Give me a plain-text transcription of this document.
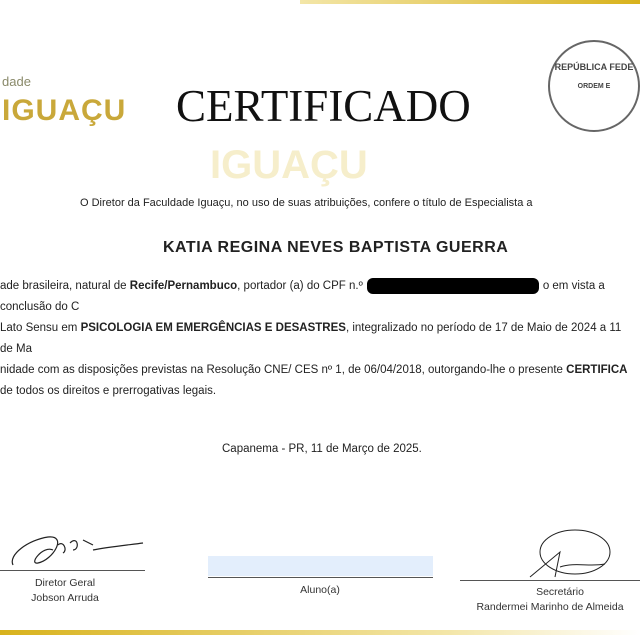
dade
IGUAÇU CERTIFICADO
REPÚBLICA FEDE
ORDEM E
IGUAÇU
O Diretor da Faculdade Iguaçu, no uso de suas atribuições, confere o título de Especialista a
KATIA REGINA NEVES BAPTISTA GUERRA
ade brasileira, natural de Recife/Pernambuco, portador (a) do CPF n.º	o em vista a conclusão do C
Lato Sensu em PSICOLOGIA EM EMERGÊNCIAS E DESASTRES, integralizado no período de 17 de Maio de 2024 a 11 de Ma
nidade com as disposições previstas na Resolução CNE/ CES nº 1, de 06/04/2018, outorgando-lhe o presente CERTIFICA
de todos os direitos e prerrogativas legais.
Capanema - PR, 11 de Março de 2025.
Diretor Geral
Jobson Arruda
Aluno(a)	Secretário
Randermei Marinho de Almeida
